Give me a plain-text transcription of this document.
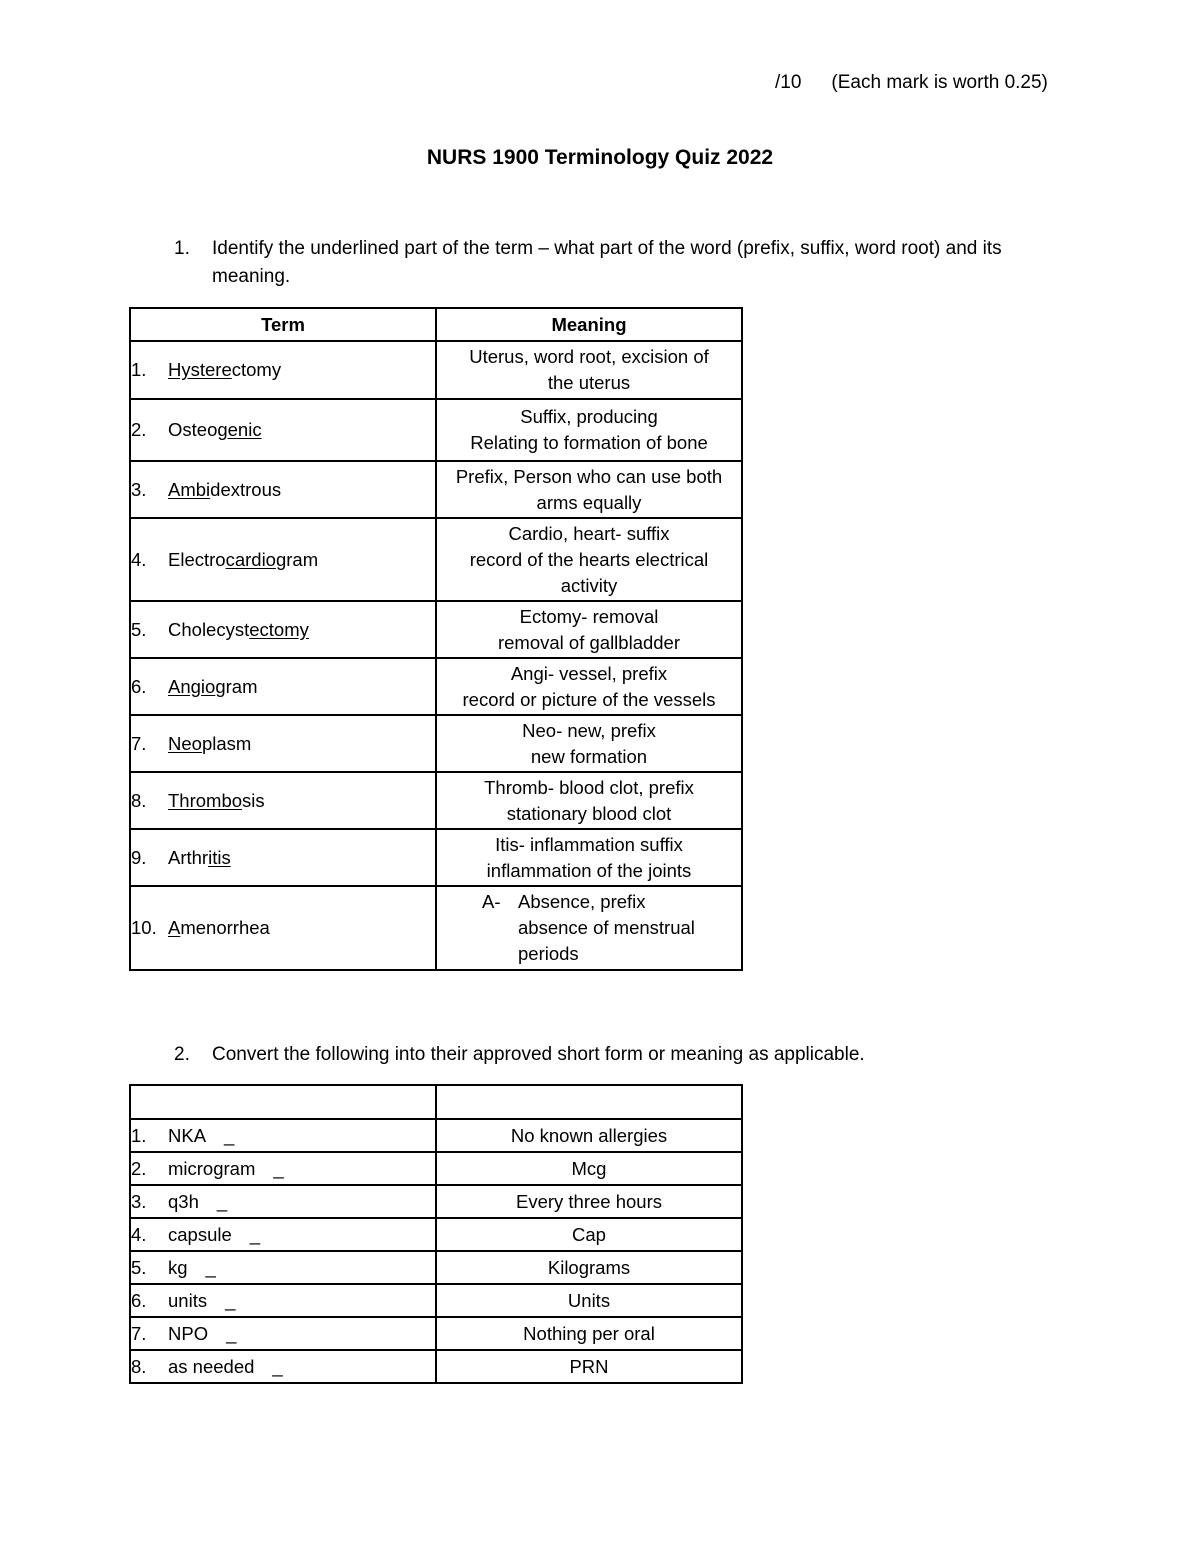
/10 (Each mark is worth 0.25)
NURS 1900 Terminology Quiz 2022
1.	Identify the underlined part of the term – what part of the word (prefix, suffix, word root) and its meaning.
Term	Meaning
1. Hysterectomy	Uterus, word root, excision of
the uterus

2. Osteogenic	Suffix, producing
Relating to formation of bone

3. Ambidextrous	Prefix, Person who can use both
arms equally

4. Electrocardiogram	Cardio, heart- suffix
record of the hearts electrical
activity

5. Cholecystectomy	Ectomy- removal
removal of gallbladder

6. Angiogram	Angi- vessel, prefix
record or picture of the vessels

7. Neoplasm	Neo- new, prefix
new formation

8. Thrombosis	Thromb- blood clot, prefix
stationary blood clot

9. Arthritis	Itis- inflammation suffix
inflammation of the joints

10. Amenorrhea	A- Absence, prefix
absence of menstrual
periods
2.	Convert the following into their approved short form or meaning as applicable.

1. NKA _	No known allergies
2. microgram _	Mcg
3. q3h _	Every three hours
4. capsule _	Cap
5. kg _	Kilograms
6. units _	Units
7. NPO _	Nothing per oral
8. as needed _	PRN
